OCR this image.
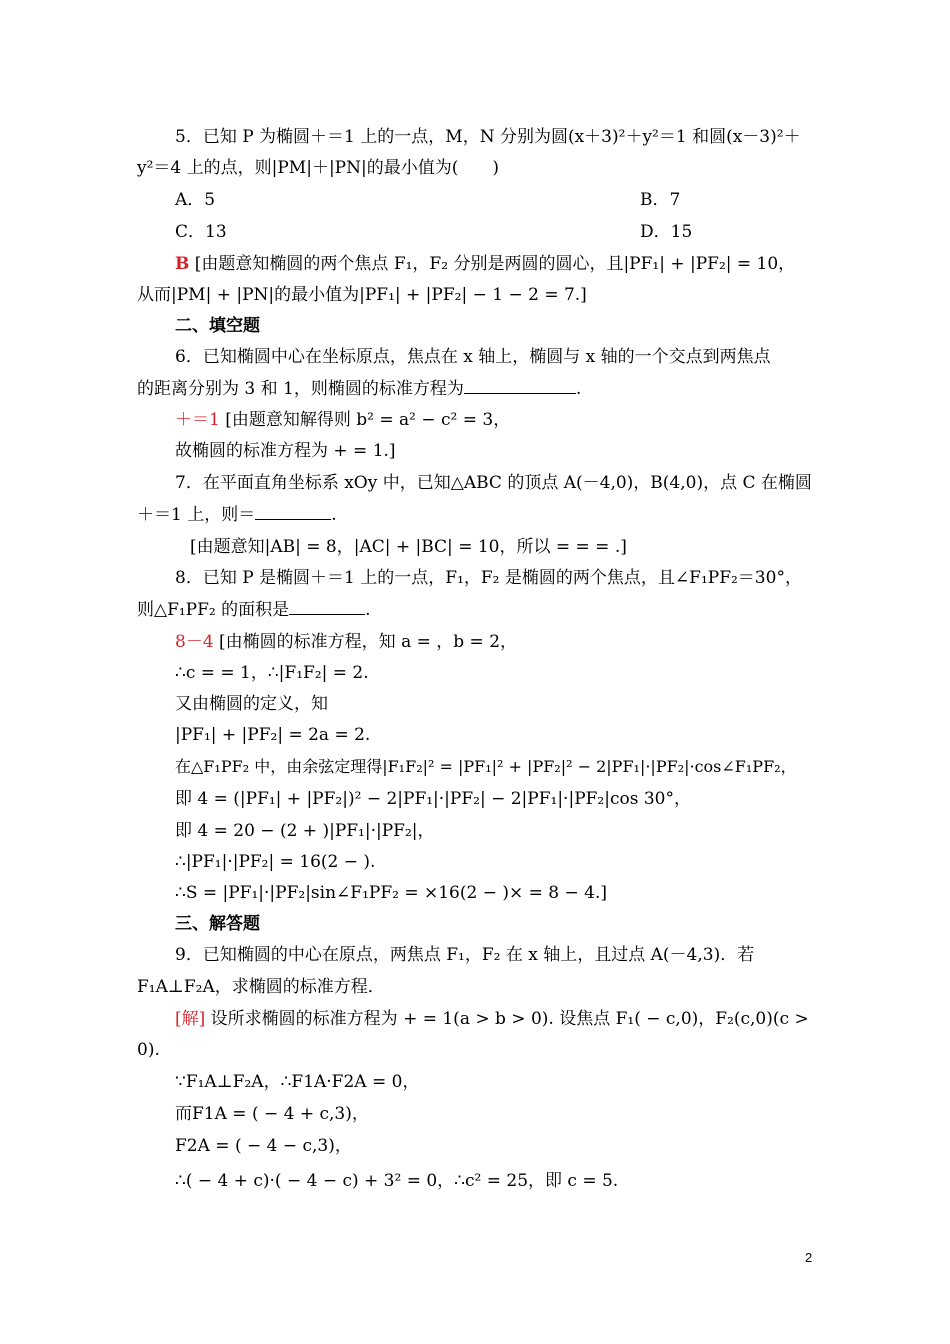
5．已知 P 为椭圆＋＝1 上的一点，M，N 分别为圆(x＋3)²＋y²＝1 和圆(x－3)²＋
y²＝4 上的点，则|PM|＋|PN|的最小值为(　　)
A．5	B．7
C．13	D．15
B [由题意知椭圆的两个焦点 F₁，F₂ 分别是两圆的圆心，且|PF₁| + |PF₂| = 10，
从而|PM| + |PN|的最小值为|PF₁| + |PF₂| − 1 − 2 = 7.]
二、填空题
6．已知椭圆中心在坐标原点，焦点在 x 轴上，椭圆与 x 轴的一个交点到两焦点
的距离分别为 3 和 1，则椭圆的标准方程为	.
＋＝1 [由题意知解得则 b² = a² − c² = 3，
故椭圆的标准方程为 + = 1.]
7．在平面直角坐标系 xOy 中，已知△ABC 的顶点 A(－4,0)，B(4,0)，点 C 在椭圆
＋＝1 上，则＝	.
[由题意知|AB| = 8，|AC| + |BC| = 10，所以 = = = .]
8．已知 P 是椭圆＋＝1 上的一点，F₁，F₂ 是椭圆的两个焦点，且∠F₁PF₂＝30°，
则△F₁PF₂ 的面积是	.
8－4 [由椭圆的标准方程，知 a = ，b = 2，
∴c = = 1，∴|F₁F₂| = 2.
又由椭圆的定义，知
|PF₁| + |PF₂| = 2a = 2.
在△F₁PF₂ 中，由余弦定理得|F₁F₂|² = |PF₁|² + |PF₂|² − 2|PF₁|·|PF₂|·cos∠F₁PF₂，
即 4 = (|PF₁| + |PF₂|)² − 2|PF₁|·|PF₂| − 2|PF₁|·|PF₂|cos 30°，
即 4 = 20 − (2 + )|PF₁|·|PF₂|，
∴|PF₁|·|PF₂| = 16(2 − ).
∴S = |PF₁|·|PF₂|sin∠F₁PF₂ = ×16(2 − )× = 8 − 4.]
三、解答题
9．已知椭圆的中心在原点，两焦点 F₁，F₂ 在 x 轴上，且过点 A(－4,3)．若
F₁A⊥F₂A，求椭圆的标准方程．
[解] 设所求椭圆的标准方程为 + = 1(a > b > 0). 设焦点 F₁( − c,0)，F₂(c,0)(c >
0).
∵F₁A⊥F₂A，∴F1A·F2A = 0，
而F1A = ( − 4 + c,3)，
F2A = ( − 4 − c,3)，
∴( − 4 + c)·( − 4 − c) + 3² = 0，∴c² = 25，即 c = 5.
2
